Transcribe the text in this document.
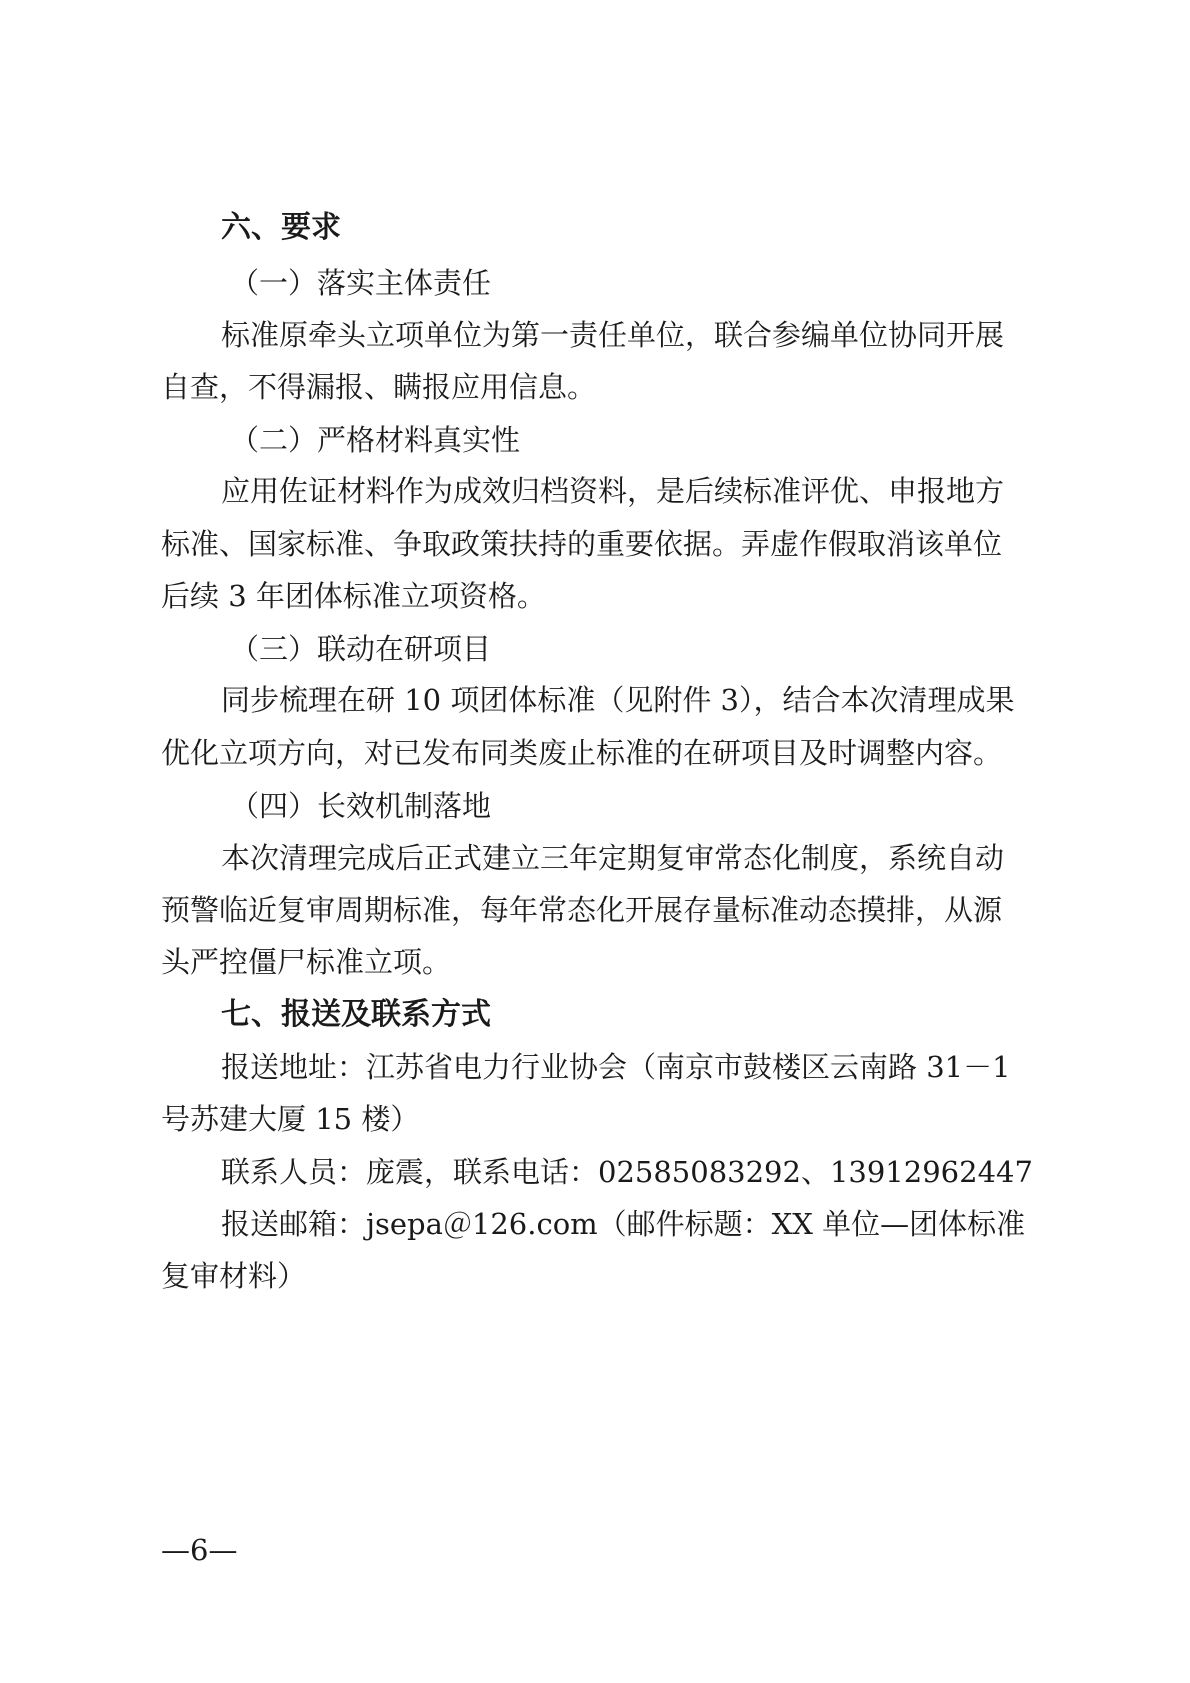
六、要求
（一）落实主体责任
标准原牵头立项单位为第一责任单位，联合参编单位协同开展
自查，不得漏报、瞒报应用信息。
（二）严格材料真实性
应用佐证材料作为成效归档资料，是后续标准评优、申报地方
标准、国家标准、争取政策扶持的重要依据。弄虚作假取消该单位
后续 3 年团体标准立项资格。
（三）联动在研项目
同步梳理在研 10 项团体标准（见附件 3），结合本次清理成果
优化立项方向，对已发布同类废止标准的在研项目及时调整内容。
（四）长效机制落地
本次清理完成后正式建立三年定期复审常态化制度，系统自动
预警临近复审周期标准，每年常态化开展存量标准动态摸排，从源
头严控僵尸标准立项。
七、报送及联系方式
报送地址：江苏省电力行业协会（南京市鼓楼区云南路 31－1
号苏建大厦 15 楼）
联系人员：庞震，联系电话：02585083292、13912962447
报送邮箱：jsepa＠126.com（邮件标题：XX 单位—团体标准
复审材料）
—6—
